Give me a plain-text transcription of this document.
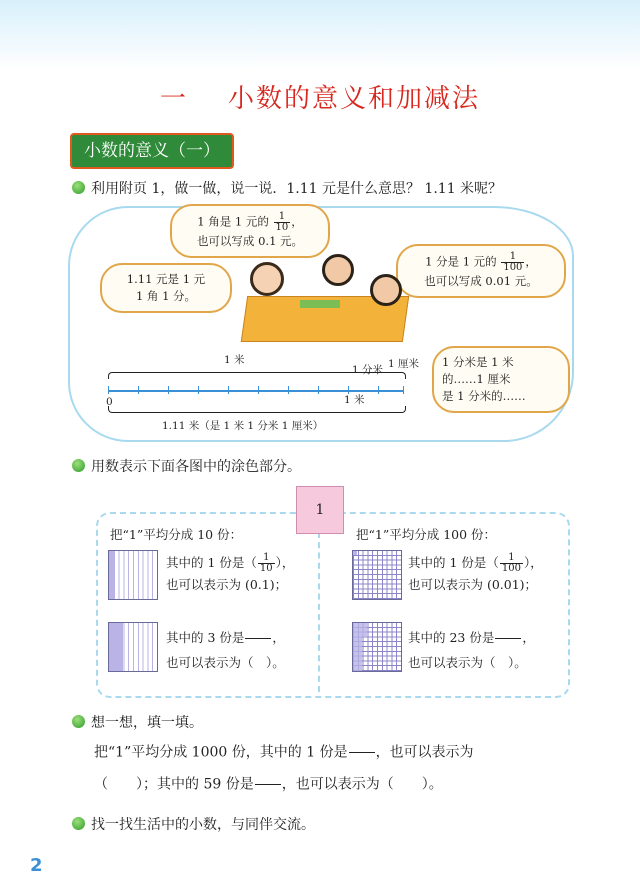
一 小数的意义和加减法
小数的意义（一）
利用附页 1，做一做，说一说．1.11 元是什么意思？ 1.11 米呢？
1 角是 1 元的 $\frac{1}{10}$ ，
也可以写成 0.1 元。
1.11 元是 1 元
1 角 1 分。
1 分是 1 元的 $\frac{1}{100}$ ，
也可以写成 0.01 元。
1 分米是 1 米
的……1 厘米
是 1 分米的……
1 米
1 分米 1 厘米
0	1 米
1.11 米（是 1 米 1 分米 1 厘米）
用数表示下面各图中的涂色部分。
1
把“1”平均分成 10 份：
其中的 1 份是（ $\frac{1}{10}$ ），
也可以表示为 (0.1)；
其中的 3 份是 ，
也可以表示为（　）。
把“1”平均分成 100 份：
其中的 1 份是（ $\frac{1}{100}$ ），
也可以表示为 (0.01)；
其中的 23 份是 ，
也可以表示为（　）。
想一想，填一填。
把“1”平均分成 1000 份，其中的 1 份是 ，也可以表示为
（　　）；其中的 59 份是 ，也可以表示为（　　）。
找一找生活中的小数，与同伴交流。
2
